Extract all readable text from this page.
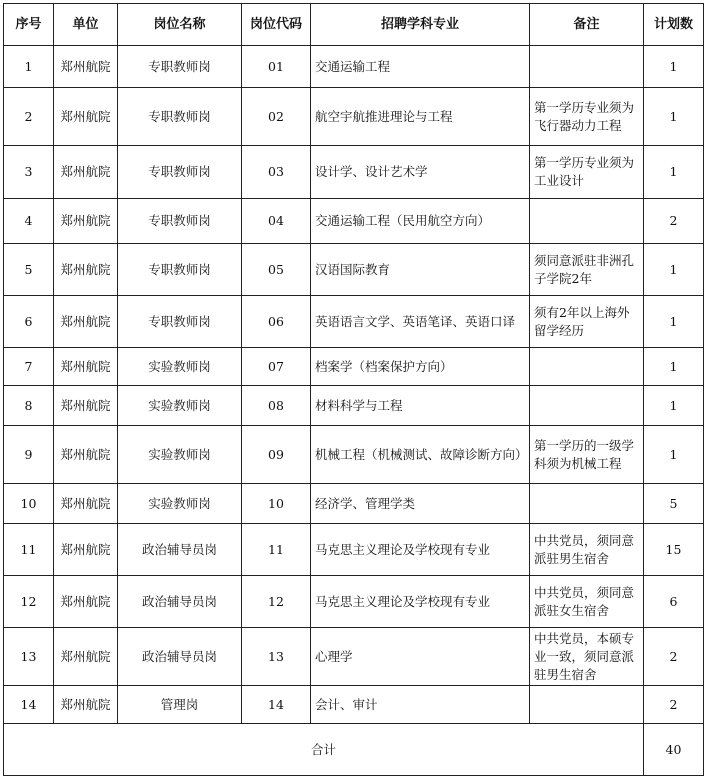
序号	单位	岗位名称	岗位代码	招聘学科专业	备注	计划数
1	郑州航院	专职教师岗	01	交通运输工程		1
2	郑州航院	专职教师岗	02	航空宇航推进理论与工程	第一学历专业须为飞行器动力工程	1
3	郑州航院	专职教师岗	03	设计学、设计艺术学	第一学历专业须为工业设计	1
4	郑州航院	专职教师岗	04	交通运输工程（民用航空方向）		2
5	郑州航院	专职教师岗	05	汉语国际教育	须同意派驻非洲孔子学院2年	1
6	郑州航院	专职教师岗	06	英语语言文学、英语笔译、英语口译	须有2年以上海外留学经历	1
7	郑州航院	实验教师岗	07	档案学（档案保护方向）		1
8	郑州航院	实验教师岗	08	材料科学与工程		1
9	郑州航院	实验教师岗	09	机械工程（机械测试、故障诊断方向）	第一学历的一级学科须为机械工程	1
10	郑州航院	实验教师岗	10	经济学、管理学类		5
11	郑州航院	政治辅导员岗	11	马克思主义理论及学校现有专业	中共党员，须同意派驻男生宿舍	15
12	郑州航院	政治辅导员岗	12	马克思主义理论及学校现有专业	中共党员，须同意派驻女生宿舍	6
13	郑州航院	政治辅导员岗	13	心理学	中共党员，本硕专业一致，须同意派驻男生宿舍	2
14	郑州航院	管理岗	14	会计、审计		2
合计						40
